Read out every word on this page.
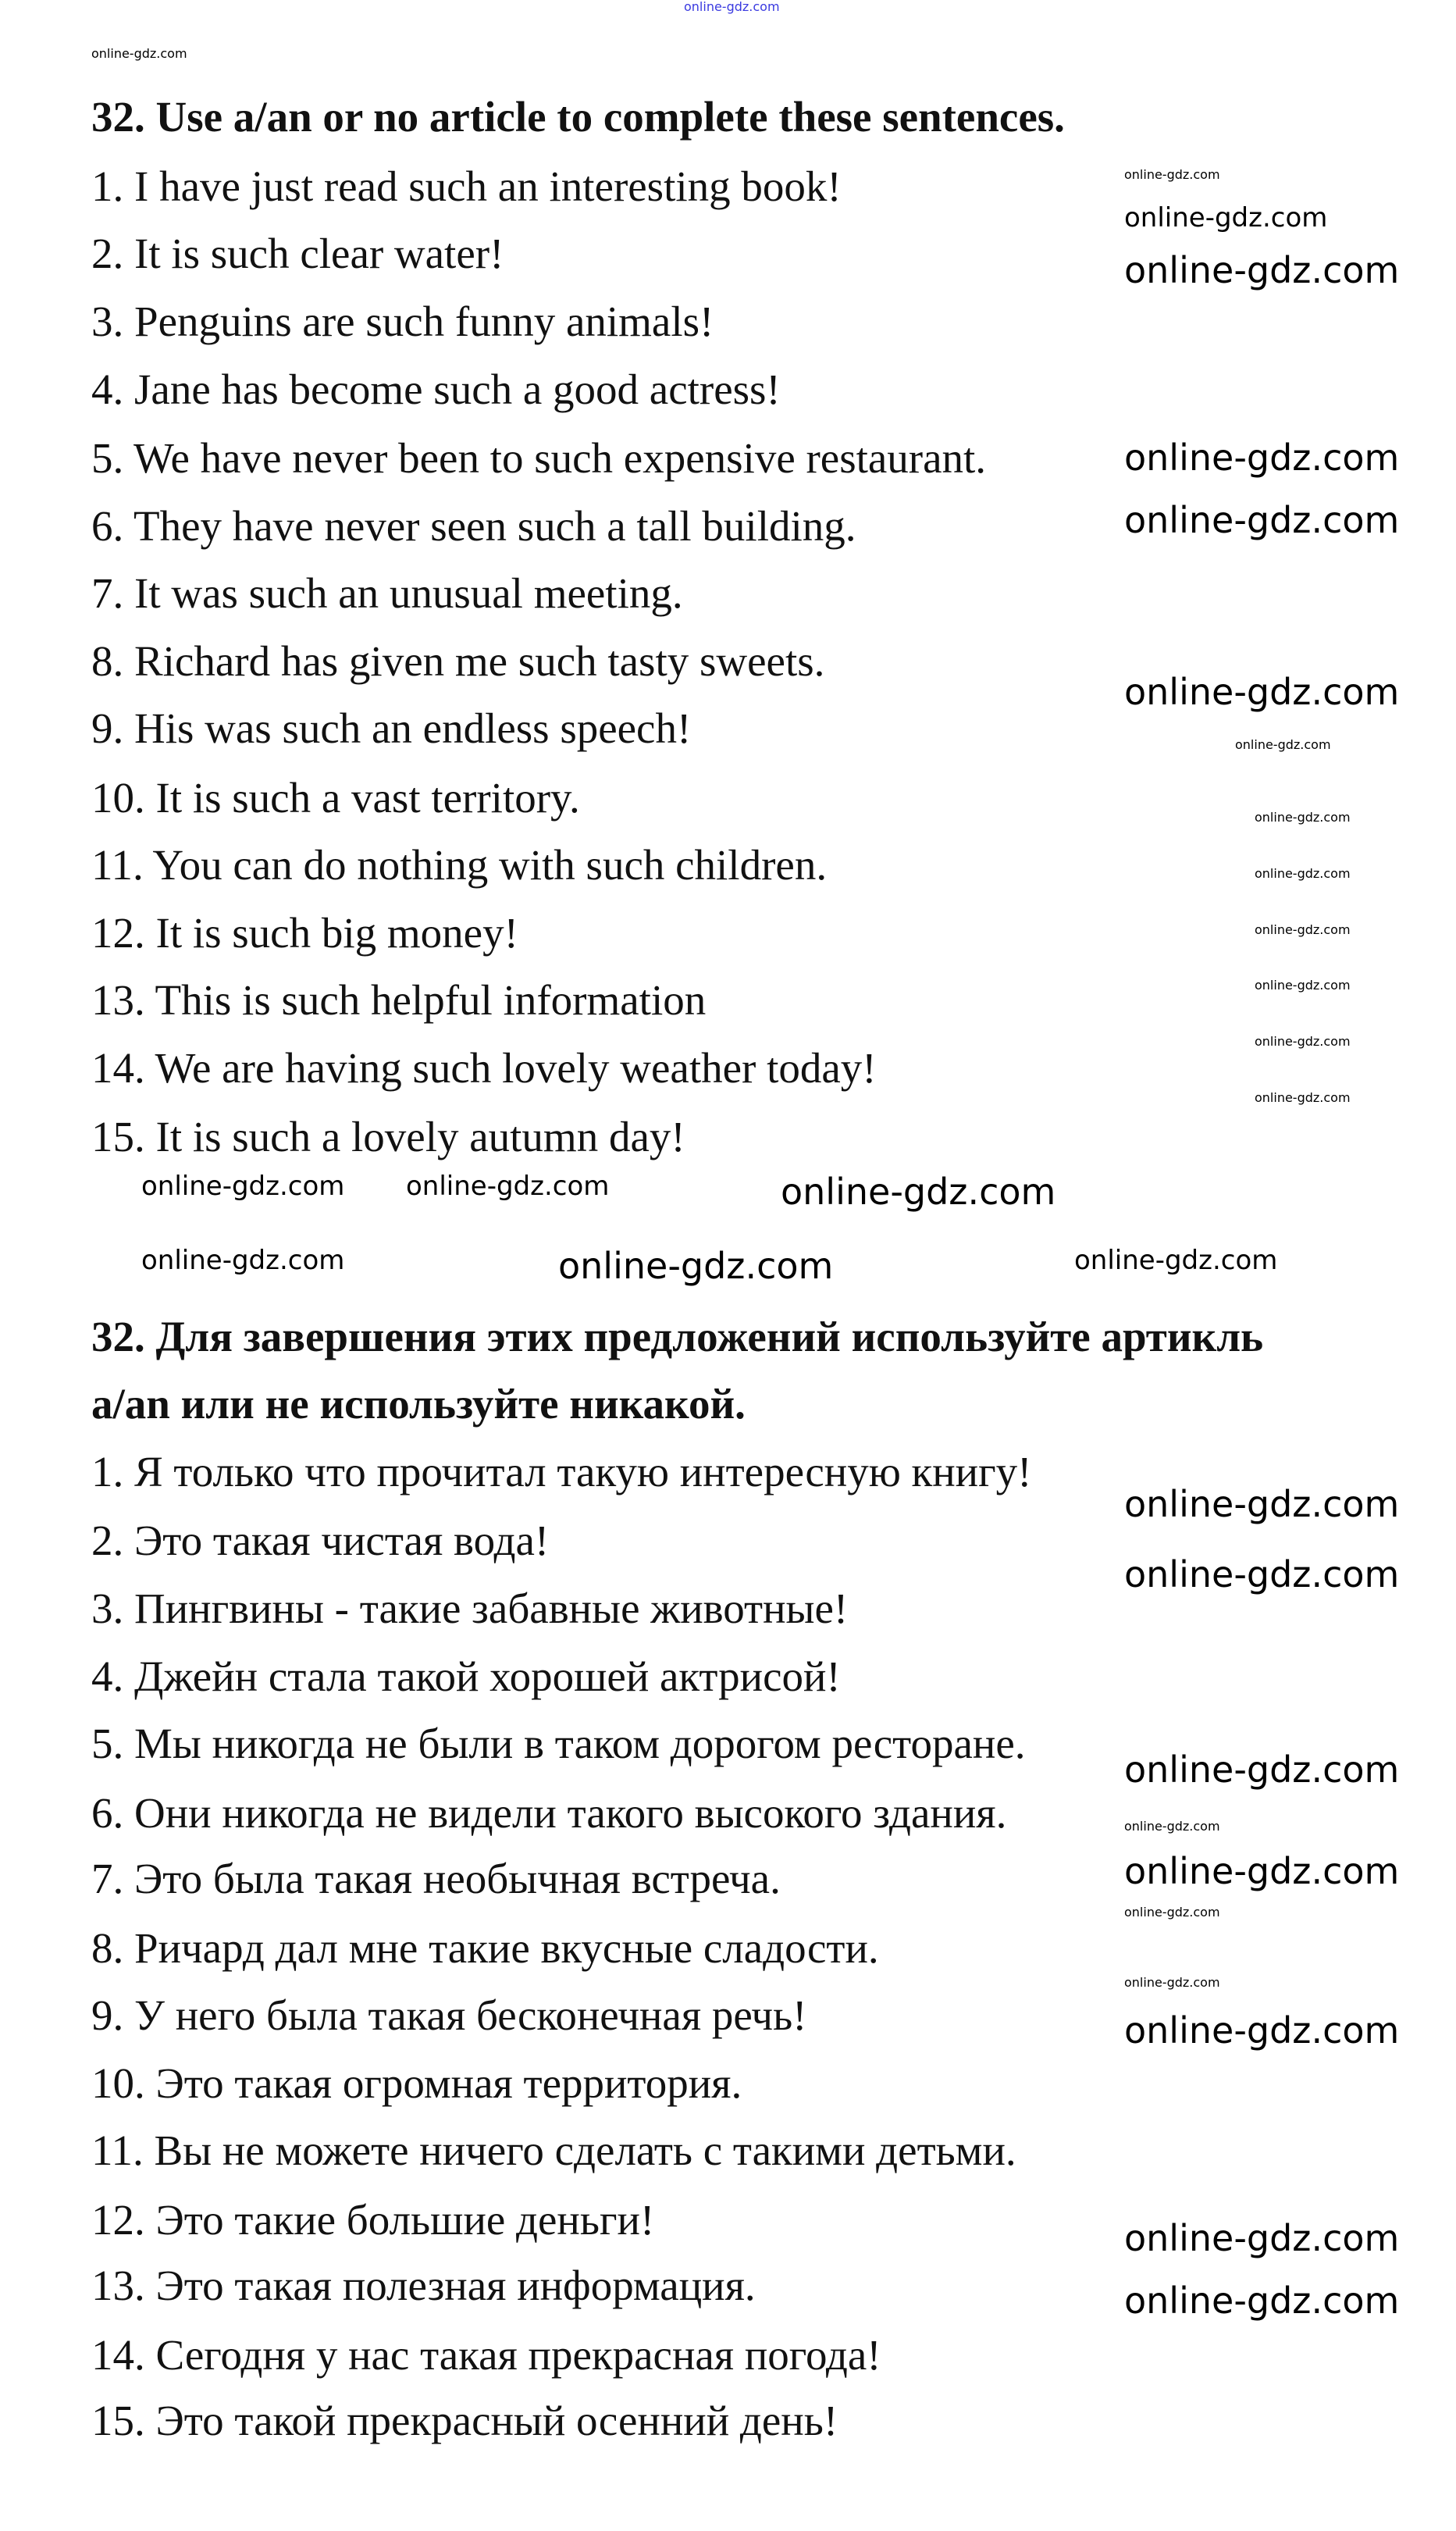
32. Use a/an or no article to complete these sentences.
1. I have just read such an interesting book!
2. It is such clear water!
3. Penguins are such funny animals!
4. Jane has become such a good actress!
5. We have never been to such expensive restaurant.
6. They have never seen such a tall building.
7. It was such an unusual meeting.
8. Richard has given me such tasty sweets.
9. His was such an endless speech!
10. It is such a vast territory.
11. You can do nothing with such children.
12. It is such big money!
13. This is such helpful information
14. We are having such lovely weather today!
15. It is such a lovely autumn day!
32. Для завершения этих предложений используйте артикль
a/an или не используйте никакой.
1. Я только что прочитал такую интересную книгу!
2. Это такая чистая вода!
3. Пингвины - такие забавные животные!
4. Джейн стала такой хорошей актрисой!
5. Мы никогда не были в таком дорогом ресторане.
6. Они никогда не видели такого высокого здания.
7. Это была такая необычная встреча.
8. Ричард дал мне такие вкусные сладости.
9. У него была такая бесконечная речь!
10. Это такая огромная территория.
11. Вы не можете ничего сделать с такими детьми.
12. Это такие большие деньги!
13. Это такая полезная информация.
14. Сегодня у нас такая прекрасная погода!
15. Это такой прекрасный осенний день!
online-gdz.com
online-gdz.com
online-gdz.com
online-gdz.com
online-gdz.com
online-gdz.com
online-gdz.com
online-gdz.com
online-gdz.com
online-gdz.com
online-gdz.com
online-gdz.com
online-gdz.com
online-gdz.com
online-gdz.com
online-gdz.com	online-gdz.com
online-gdz.com
online-gdz.com	online-gdz.com
online-gdz.com
online-gdz.com
online-gdz.com
online-gdz.com
online-gdz.com
online-gdz.com
online-gdz.com
online-gdz.com
online-gdz.com
online-gdz.com
online-gdz.com
